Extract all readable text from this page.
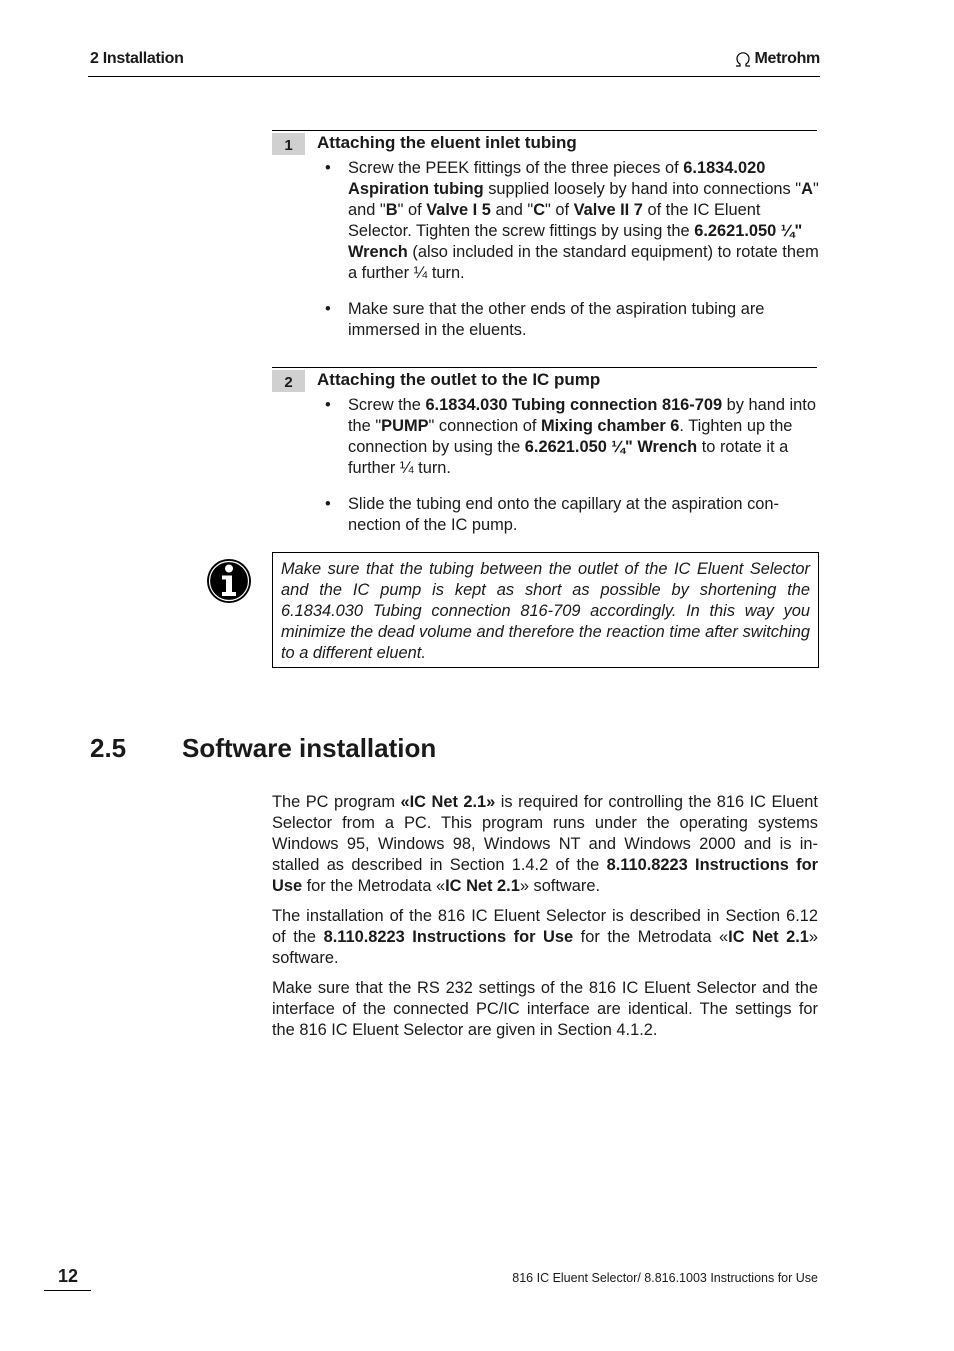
2 Installation	Metrohm
1	Attaching the eluent inlet tubing
• Screw the PEEK fittings of the three pieces of 6.1834.020 Aspiration tubing supplied loosely by hand into connections "A" and "B" of Valve I 5 and "C" of Valve II 7 of the IC Eluent Selector. Tighten the screw fittings by using the 6.2621.050 ¼" Wrench (also included in the standard equipment) to rotate them a further ¼ turn.
• Make sure that the other ends of the aspiration tubing are immersed in the eluents.
2	Attaching the outlet to the IC pump
• Screw the 6.1834.030 Tubing connection 816-709 by hand into the "PUMP" connection of Mixing chamber 6. Tighten up the connection by using the 6.2621.050 ¼" Wrench to rotate it a further ¼ turn.
• Slide the tubing end onto the capillary at the aspiration connection of the IC pump.
Make sure that the tubing between the outlet of the IC Eluent Selector and the IC pump is kept as short as possible by shortening the 6.1834.030 Tubing connection 816-709 accordingly. In this way you minimize the dead volume and therefore the reaction time after switching to a different eluent.
2.5 Software installation

The PC program «IC Net 2.1» is required for controlling the 816 IC Eluent Selector from a PC. This program runs under the operating systems Windows 95, Windows 98, Windows NT and Windows 2000 and is installed as described in Section 1.4.2 of the 8.110.8223 Instructions for Use for the Metrodata «IC Net 2.1» software.

The installation of the 816 IC Eluent Selector is described in Section 6.12 of the 8.110.8223 Instructions for Use for the Metrodata «IC Net 2.1» software.

Make sure that the RS 232 settings of the 816 IC Eluent Selector and the interface of the connected PC/IC interface are identical. The settings for the 816 IC Eluent Selector are given in Section 4.1.2.

12	816 IC Eluent Selector/ 8.816.1003 Instructions for Use
